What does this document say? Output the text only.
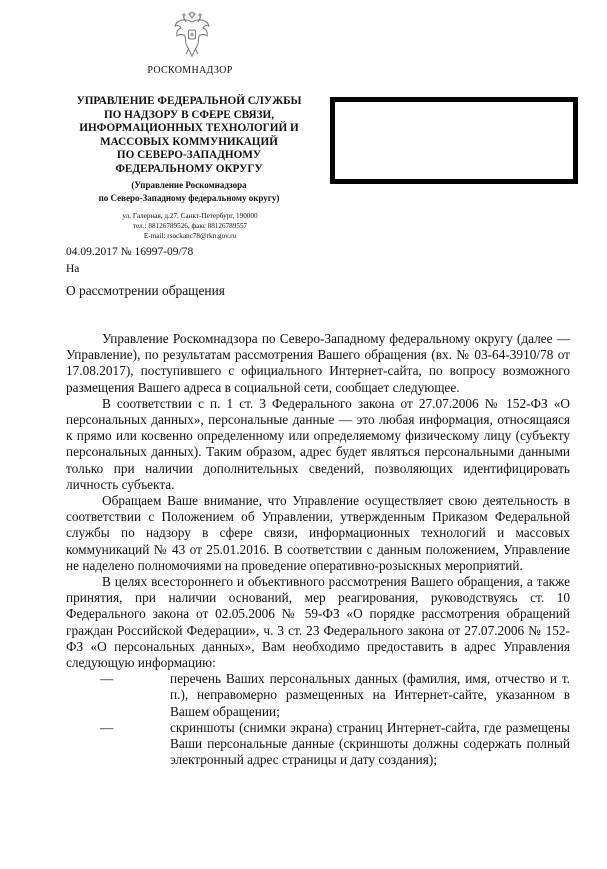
РОСКОМНАДЗОР
УПРАВЛЕНИЕ ФЕДЕРАЛЬНОЙ СЛУЖБЫ
ПО НАДЗОРУ В СФЕРЕ СВЯЗИ,
ИНФОРМАЦИОННЫХ ТЕХНОЛОГИЙ И
МАССОВЫХ КОММУНИКАЦИЙ
ПО СЕВЕРО-ЗАПАДНОМУ
ФЕДЕРАЛЬНОМУ ОКРУГУ
(Управление Роскомнадзора
по Северо-Западному федеральному округу)
ул. Галерная, д.27, Санкт-Петербург, 190000
тел.: 88126789526, факс 88126789557
E-mail: rsockanc78@rkn.gov.ru
04.09.2017 № 16997-09/78
На
О рассмотрении обращения

Управление Роскомнадзора по Северо-Западному федеральному округу (далее — Управление), по результатам рассмотрения Вашего обращения (вх. № 03-64-3910/78 от 17.08.2017), поступившего с официального Интернет-сайта, по вопросу возможного размещения Вашего адреса в социальной сети, сообщает следующее.

В соответствии с п. 1 ст. 3 Федерального закона от 27.07.2006 № 152-ФЗ «О персональных данных», персональные данные — это любая информация, относящаяся к прямо или косвенно определенному или определяемому физическому лицу (субъекту персональных данных). Таким образом, адрес будет являться персональными данными только при наличии дополнительных сведений, позволяющих идентифицировать личность субъекта.

Обращаем Ваше внимание, что Управление осуществляет свою деятельность в соответствии с Положением об Управлении, утвержденным Приказом Федеральной службы по надзору в сфере связи, информационных технологий и массовых коммуникаций № 43 от 25.01.2016. В соответствии с данным положением, Управление не наделено полномочиями на проведение оперативно-розыскных мероприятий.

В целях всестороннего и объективного рассмотрения Вашего обращения, а также принятия, при наличии оснований, мер реагирования, руководствуясь ст. 10 Федерального закона от 02.05.2006 № 59-ФЗ «О порядке рассмотрения обращений граждан Российской Федерации», ч. 3 ст. 23 Федерального закона от 27.07.2006 № 152-ФЗ «О персональных данных», Вам необходимо предоставить в адрес Управления следующую информацию:

—	перечень Ваших персональных данных (фамилия, имя, отчество и т. п.), неправомерно размещенных на Интернет-сайте, указанном в Вашем обращении;
—	скриншоты (снимки экрана) страниц Интернет-сайта, где размещены Ваши персональные данные (скриншоты должны содержать полный электронный адрес страницы и дату создания);
